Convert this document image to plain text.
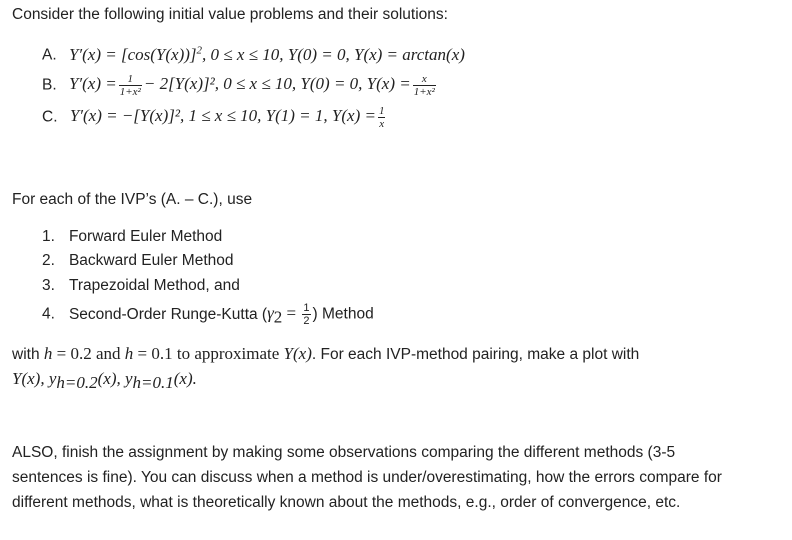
Consider the following initial value problems and their solutions:
A. $Y'(x) = [\cos(Y(x))]^2$, 0 ≤ x ≤ 10, Y(0) = 0, Y(x) = arctan(x)
B. $Y'(x) = \frac{1}{\text{1+x²}} - 2[Y(x)]^2$, 0 ≤ x ≤ 10, Y(0) = 0, $Y(x) = \frac{x}{\text{1+x²}}$
C. Y′(x) = −[Y(x)]², 1 ≤ x ≤ 10, Y(1) = 1, $Y(x) = \frac{1}{x}$
For each of the IVP’s (A. – C.), use
1. Forward Euler Method
2. Backward Euler Method
3. Trapezoidal Method, and
4. Second-Order Runge-Kutta ($\gamma_2 = \frac{1}{2}$ ) Method
with h = 0.2 and h = 0.1 to approximate Y(x). For each IVP-method pairing, make a plot with
Y(x), $y_{h=0.2}(x)$, $y_{h=0.1}(x)$.
ALSO, finish the assignment by making some observations comparing the different methods (3-5
sentences is fine). You can discuss when a method is under/overestimating, how the errors compare for
different methods, what is theoretically known about the methods, e.g., order of convergence, etc.
